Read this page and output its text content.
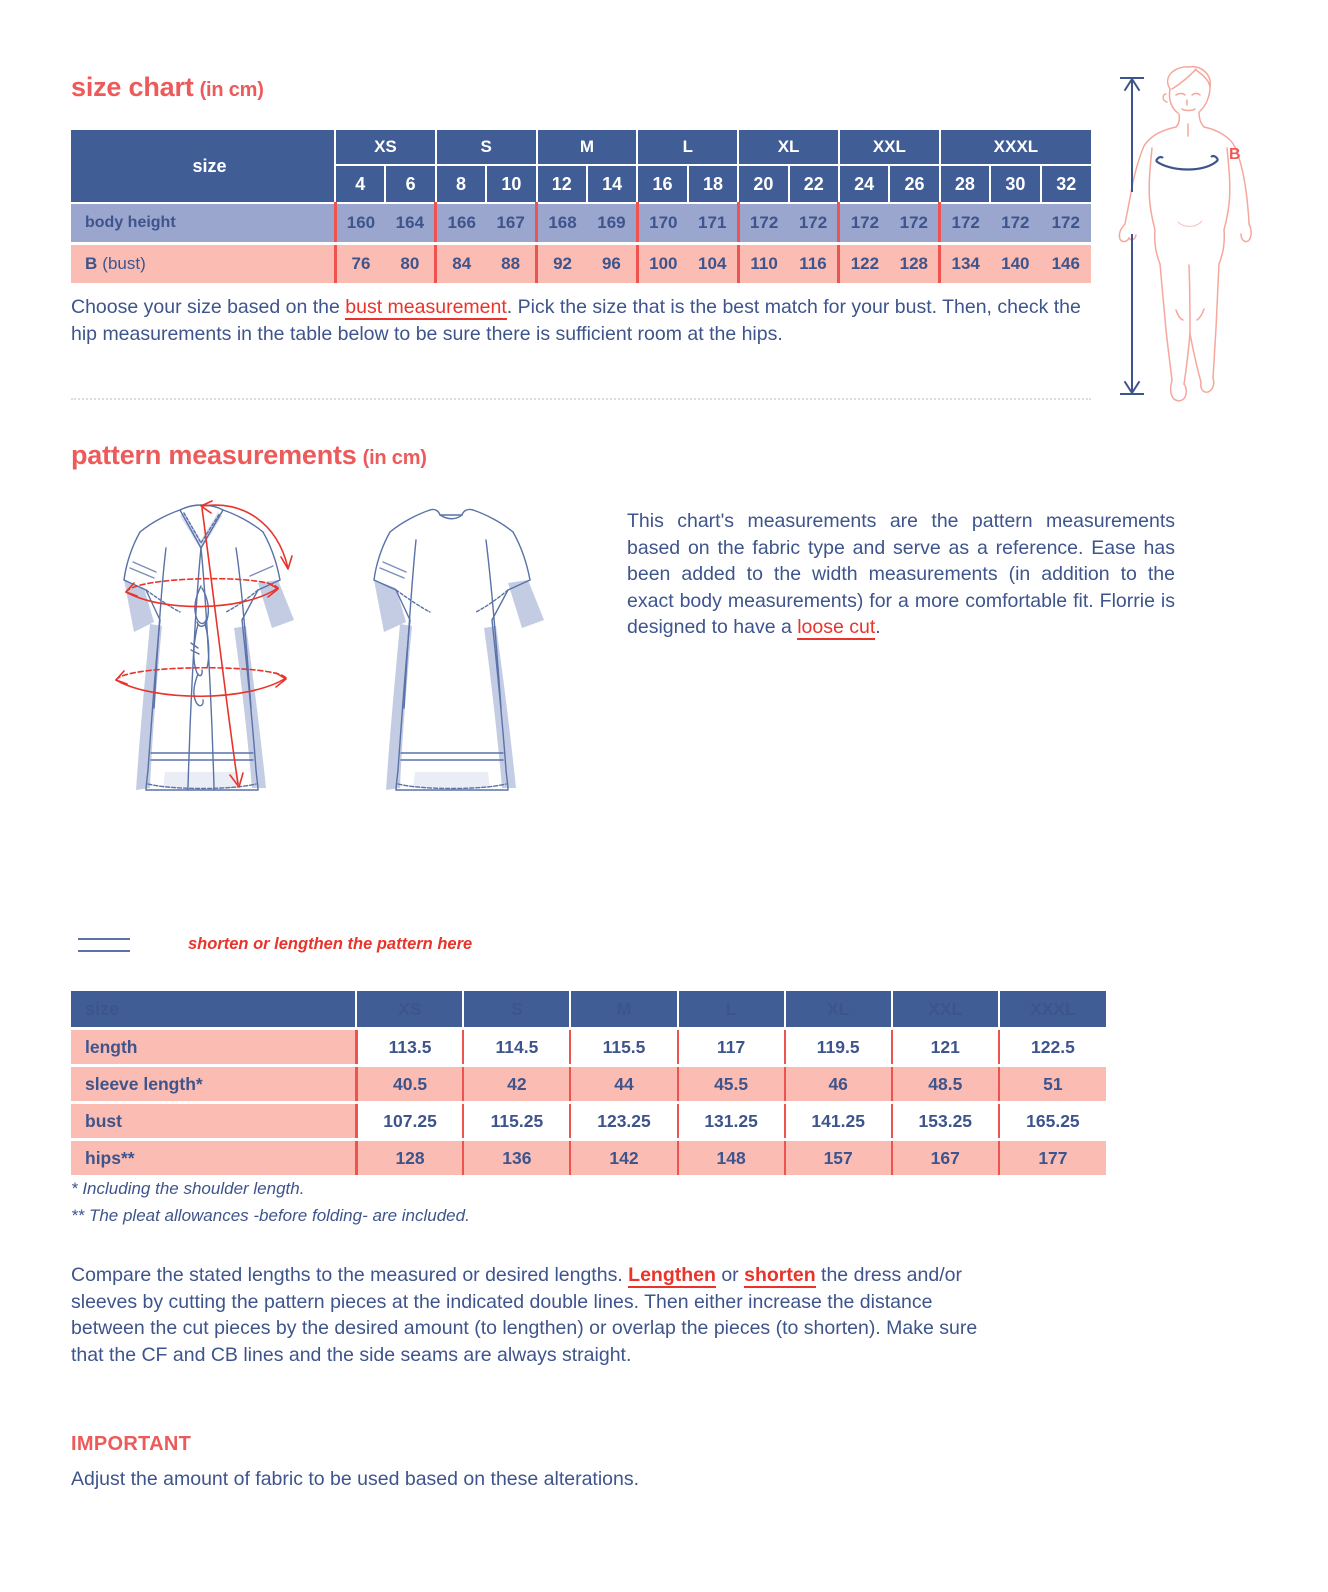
size chart (in cm)
size	XS		S		M		L		XL		XXL		XXXL		
	4	6	8	10	12	14	16	18	20	22	24	26	28	30	32
body height	160	164	166	167	168	169	170	171	172	172	172	172	172	172	172
B (bust)	76	80	84	88	92	96	100	104	110	116	122	128	134	140	146
Choose your size based on the bust measurement. Pick the size that is the best match for your bust. Then, check the hip measurements in the table below to be sure there is sufficient room at the hips.
B
pattern measurements (in cm)
This chart's measurements are the pattern measurements based on the fabric type and serve as a reference. Ease has been added to the width measurements (in addition to the exact body measurements) for a more comfortable fit. Florrie is designed to have a loose cut.
shorten or lengthen the pattern here
size	XS	S	M	L	XL	XXL	XXXL
length	113.5	114.5	115.5	117	119.5	121	122.5
sleeve length*	40.5	42	44	45.5	46	48.5	51
bust	107.25	115.25	123.25	131.25	141.25	153.25	165.25
hips**	128	136	142	148	157	167	177
* Including the shoulder length.
** The pleat allowances -before folding- are included.
Compare the stated lengths to the measured or desired lengths. Lengthen or shorten the dress and/or sleeves by cutting the pattern pieces at the indicated double lines. Then either increase the distance between the cut pieces by the desired amount (to lengthen) or overlap the pieces (to shorten). Make sure that the CF and CB lines and the side seams are always straight.
IMPORTANT
Adjust the amount of fabric to be used based on these alterations.
